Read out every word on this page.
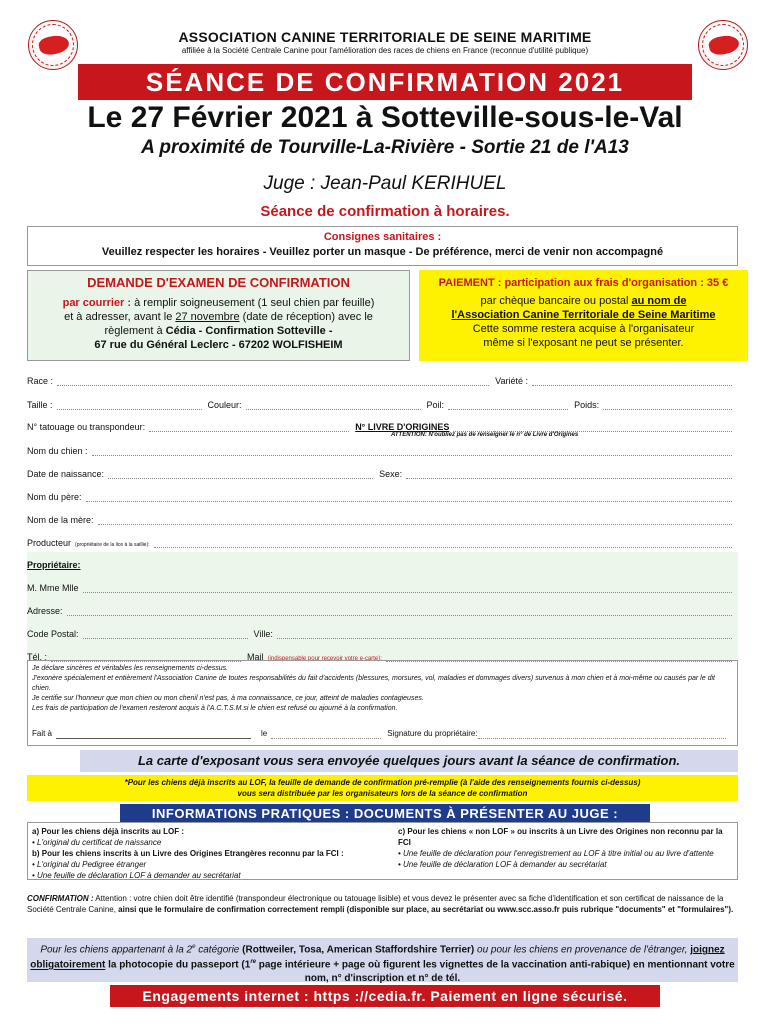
ASSOCIATION CANINE TERRITORIALE DE SEINE MARITIME
affiliée à la Société Centrale Canine pour l'amélioration des races de chiens en France (reconnue d'utilité publique)
SÉANCE DE CONFIRMATION 2021
Le 27 Février 2021 à Sotteville-sous-le-Val
A proximité de Tourville-La-Rivière - Sortie 21 de l'A13
Juge : Jean-Paul KERIHUEL
Séance de confirmation à horaires.
Consignes sanitaires :
Veuillez respecter les horaires - Veuillez porter un masque - De préférence, merci de venir non accompagné
DEMANDE D'EXAMEN DE CONFIRMATION
par courrier : à remplir soigneusement (1 seul chien par feuille)
et à adresser, avant le 27 novembre (date de réception) avec le
règlement à Cédia - Confirmation Sotteville -
67 rue du Général Leclerc - 67202 WOLFISHEIM
PAIEMENT : participation aux frais d'organisation : 35 €
par chèque bancaire ou postal au nom de
l'Association Canine Territoriale de Seine Maritime
Cette somme restera acquise à l'organisateur
même si l'exposant ne peut se présenter.
Race :	Variété :
Taille :	Couleur:	Poil:	Poids:
N° tatouage ou transpondeur:	N° LIVRE D'ORIGINES
ATTENTION: N'oubliez pas de renseigner le n° de Livre d'Origines
Nom du chien :
Date de naissance:	Sexe:
Nom du père:
Nom de la mère:
Producteur (propriétaire de la lice à la saillie):
Propriétaire:
M. Mme Mlle
Adresse:
Code Postal:	Ville:
Tél. :	Mail (indispensable pour recevoir votre e-carte):
Je déclare sincères et véritables les renseignements ci-dessus.
J'exonère spécialement et entièrement l'Association Canine de toutes responsabilités du fait d'accidents (blessures, morsures, vol, maladies et dommages divers) survenus à mon chien et à moi-même ou causés par le dit chien.
Je certifie sur l'honneur que mon chien ou mon chenil n'est pas, à ma connaissance, ce jour, atteint de maladies contagieuses.
Les frais de participation de l'examen resteront acquis à l'A.C.T.S.M.si le chien est refusé ou ajourné à la confirmation.
Fait à	le	Signature du propriétaire:
La carte d'exposant vous sera envoyée quelques jours avant la séance de confirmation.
*Pour les chiens déjà inscrits au LOF, la feuille de demande de confirmation pré-remplie (à l'aide des renseignements fournis ci-dessus)
vous sera distribuée par les organisateurs lors de la séance de confirmation
INFORMATIONS PRATIQUES : DOCUMENTS À PRÉSENTER AU JUGE :
a) Pour les chiens déjà inscrits au LOF :
• L'original du certificat de naissance
b) Pour les chiens inscrits à un Livre des Origines Etrangères reconnu par la FCI :
• L'original du Pedigree étranger
• Une feuille de déclaration LOF à demander au secrétariat
c) Pour les chiens « non LOF » ou inscrits à un Livre des Origines non reconnu par la FCI
• Une feuille de déclaration pour l'enregistrement au LOF à titre initial ou au livre d'attente
• Une feuille de déclaration LOF à demander au secrétariat
CONFIRMATION : Attention : votre chien doit être identifié (transpondeur électronique ou tatouage lisible) et vous devez le présenter avec sa fiche d'identification et son certificat de naissance de la Société Centrale Canine, ainsi que le formulaire de confirmation correctement rempli (disponible sur place, au secrétariat ou www.scc.asso.fr puis rubrique "documents" et "formulaires").
Pour les chiens appartenant à la 2e catégorie (Rottweiler, Tosa, American Staffordshire Terrier) ou pour les chiens en provenance de l'étranger, joignez obligatoirement la photocopie du passeport (1re page intérieure + page où figurent les vignettes de la vaccination anti-rabique) en mentionnant votre nom, n° d'inscription et n° de tél.
Engagements internet : https ://cedia.fr. Paiement en ligne sécurisé.
